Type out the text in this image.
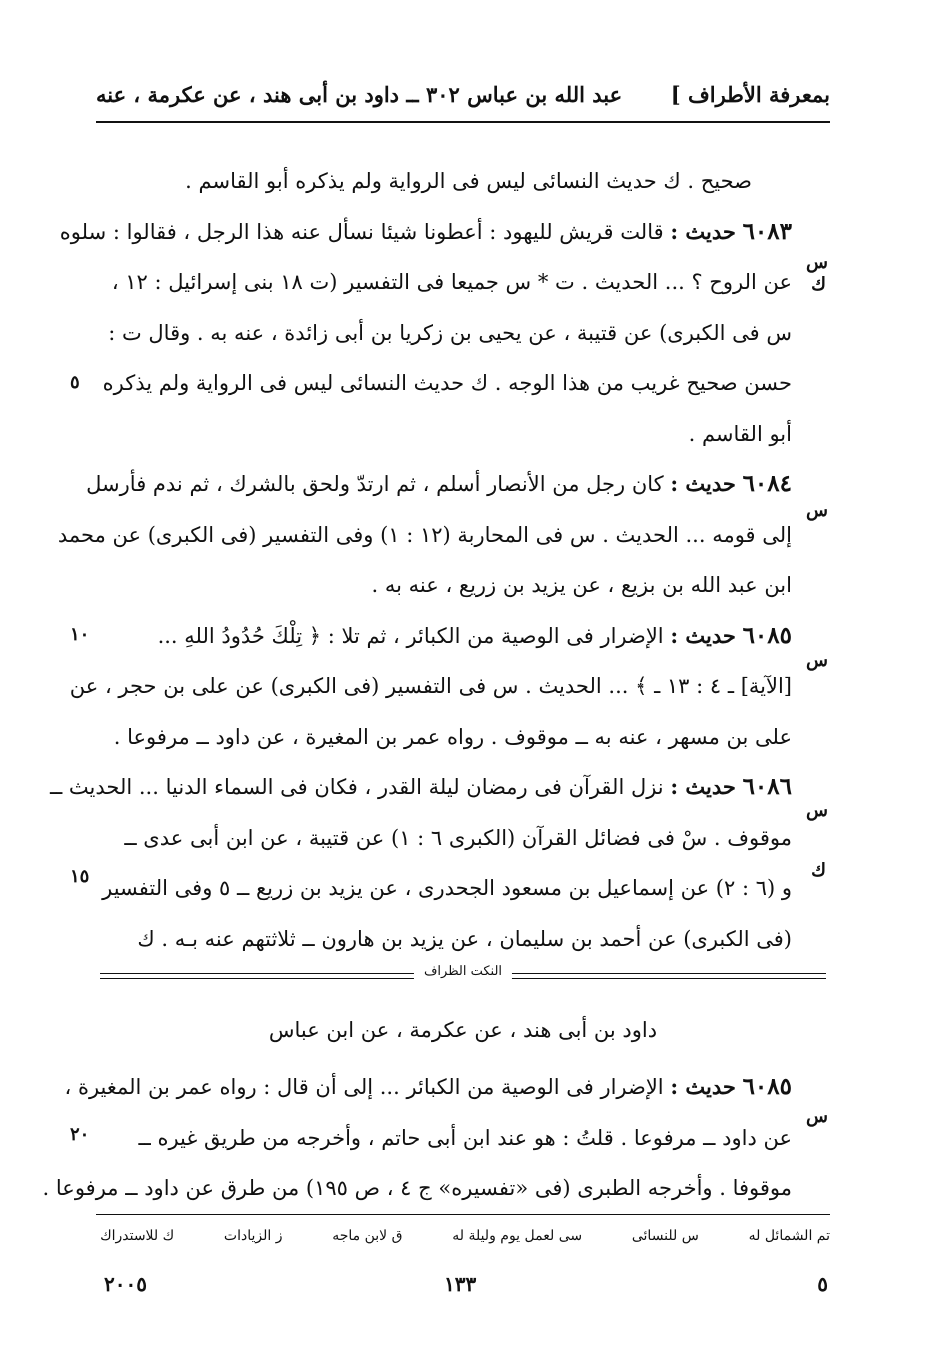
بمعرفة الأطراف ]
عبد الله بن عباس ٣٠٢ ــ داود بن أبى هند ، عن عكرمة ، عنه
صحيح . ك حديث النسائى ليس فى الرواية ولم يذكره أبو القاسم .
٦٠٨٣ حديث : قالت قريش لليهود : أعطونا شيئا نسأل عنه هذا الرجل ، فقالوا : سلوه
عن الروح ؟ ... الحديث . ت * س جميعا فى التفسير (ت ١٨ بنى إسرائيل : ١٢ ،
س فى الكبرى) عن قتيبة ، عن يحيى بن زكريا بن أبى زائدة ، عنه به . وقال ت :
حسن صحيح غريب من هذا الوجه . ك حديث النسائى ليس فى الرواية ولم يذكره
أبو القاسم .
٦٠٨٤ حديث : كان رجل من الأنصار أسلم ، ثم ارتدّ ولحق بالشرك ، ثم ندم فأرسل
إلى قومه ... الحديث . س فى المحاربة (١٢ : ١) وفى التفسير (فى الكبرى) عن محمد
ابن عبد الله بن بزيع ، عن يزيد بن زريع ، عنه به .
٦٠٨٥ حديث : الإضرار فى الوصية من الكبائر ، ثم تلا : ﴿ تِلْكَ حُدُودُ اللهِ ...
[الآية] ـ ٤ : ١٣ ـ ﴾ ... الحديث . س فى التفسير (فى الكبرى) عن على بن حجر ، عن
على بن مسهر ، عنه به ــ موقوف . رواه عمر بن المغيرة ، عن داود ــ مرفوعا .
٦٠٨٦ حديث : نزل القرآن فى رمضان ليلة القدر ، فكان فى السماء الدنيا ... الحديث ــ
موقوف . سْ فى فضائل القرآن (الكبرى ٦ : ١) عن قتيبة ، عن ابن أبى عدى ــ
و (٦ : ٢) عن إسماعيل بن مسعود الجحدرى ، عن يزيد بن زريع ــ ٥ وفى التفسير
(فى الكبرى) عن أحمد بن سليمان ، عن يزيد بن هارون ــ ثلاثتهم عنه بـه . ك
س
ك
س
س
س
ك
س
٥
١٠
١٥
٢٠
النكت الظراف
داود بن أبى هند ، عن عكرمة ، عن ابن عباس
٦٠٨٥ حديث : الإضرار فى الوصية من الكبائر ... إلى أن قال : رواه عمر بن المغيرة ،
عن داود ــ مرفوعا . قلتُ : هو عند ابن أبى حاتم ، وأخرجه من طريق غيره ــ
موقوفا . وأخرجه الطبرى (فى «تفسيره» ج ٤ ، ص ١٩٥) من طرق عن داود ــ مرفوعا .
تم الشمائل له
س للنسائى
سى لعمل يوم وليلة له
ق لابن ماجه
ز الزيادات
ك للاستدراك
٢٠٠٥	١٣٣	٥
